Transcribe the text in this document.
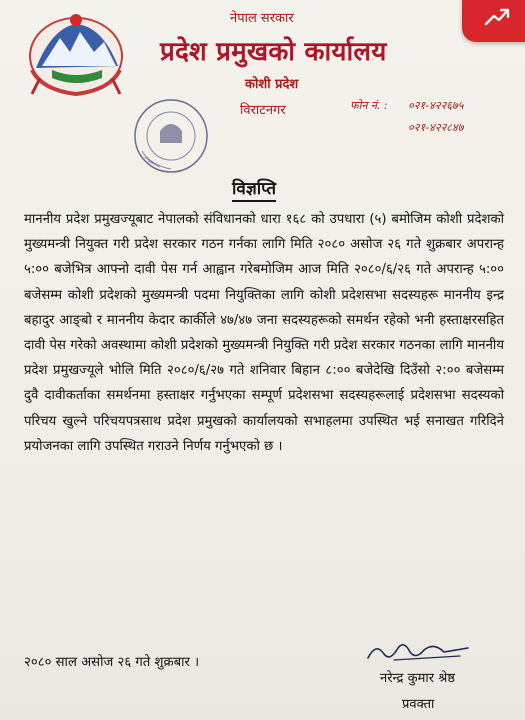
नेपाल सरकार
प्रदेश प्रमुखको कार्यालय
कोशी प्रदेश
विराटनगर	फोन नं. : ०२१-४२२६७५
०२१-४२२८४७
विज्ञप्ति
माननीय प्रदेश प्रमुखज्यूबाट नेपालको संविधानको धारा १६८ को उपधारा (५) बमोजिम कोशी प्रदेशको मुख्यमन्त्री नियुक्त गरी प्रदेश सरकार गठन गर्नका लागि मिति २०८० असोज २६ गते शुक्रबार अपरान्ह ५:०० बजेभित्र आफ्नो दावी पेस गर्न आह्वान गरेबमोजिम आज मिति २०८०/६/२६ गते अपरान्ह ५:०० बजेसम्म कोशी प्रदेशको मुख्यमन्त्री पदमा नियुक्तिका लागि कोशी प्रदेशसभा सदस्यहरू माननीय इन्द्र बहादुर आङ्बो र माननीय केदार कार्कीले ४७/४७ जना सदस्यहरूको समर्थन रहेको भनी हस्ताक्षरसहित दावी पेस गरेको अवस्थामा कोशी प्रदेशको मुख्यमन्त्री नियुक्ति गरी प्रदेश सरकार गठनका लागि माननीय प्रदेश प्रमुखज्यूले भोलि मिति २०८०/६/२७ गते शनिवार बिहान ८:०० बजेदेखि दिउँसो २:०० बजेसम्म दुवै दावीकर्ताका समर्थनमा हस्ताक्षर गर्नुभएका सम्पूर्ण प्रदेशसभा सदस्यहरूलाई प्रदेशसभा सदस्यको परिचय खुल्ने परिचयपत्रसाथ प्रदेश प्रमुखको कार्यालयको सभाहलमा उपस्थित भई सनाखत गरिदिने प्रयोजनका लागि उपस्थित गराउने निर्णय गर्नुभएको छ ।
२०८० साल असोज २६ गते शुक्रबार ।
नरेन्द्र कुमार श्रेष्ठ
प्रवक्ता
